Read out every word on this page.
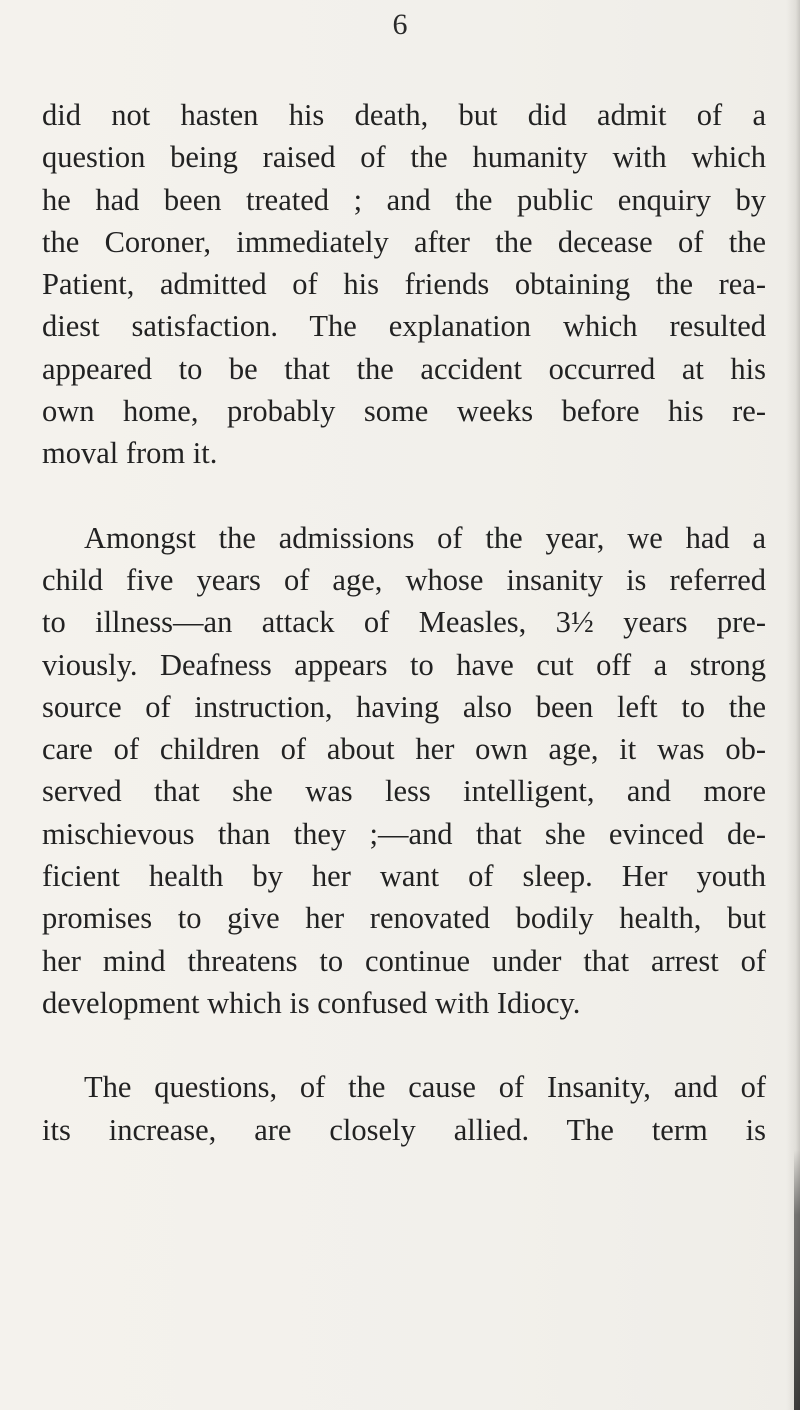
6
did not hasten his death, but did admit of a
question being raised of the humanity with which
he had been treated ; and the public enquiry by
the Coroner, immediately after the decease of the
Patient, admitted of his friends obtaining the rea-
diest satisfaction. The explanation which resulted
appeared to be that the accident occurred at his
own home, probably some weeks before his re-
moval from it.
Amongst the admissions of the year, we had a
child five years of age, whose insanity is referred
to illness—an attack of Measles, 3½ years pre-
viously. Deafness appears to have cut off a strong
source of instruction, having also been left to the
care of children of about her own age, it was ob-
served that she was less intelligent, and more
mischievous than they ;—and that she evinced de-
ficient health by her want of sleep. Her youth
promises to give her renovated bodily health, but
her mind threatens to continue under that arrest of
development which is confused with Idiocy.
The questions, of the cause of Insanity, and of
its increase, are closely allied. The term is
